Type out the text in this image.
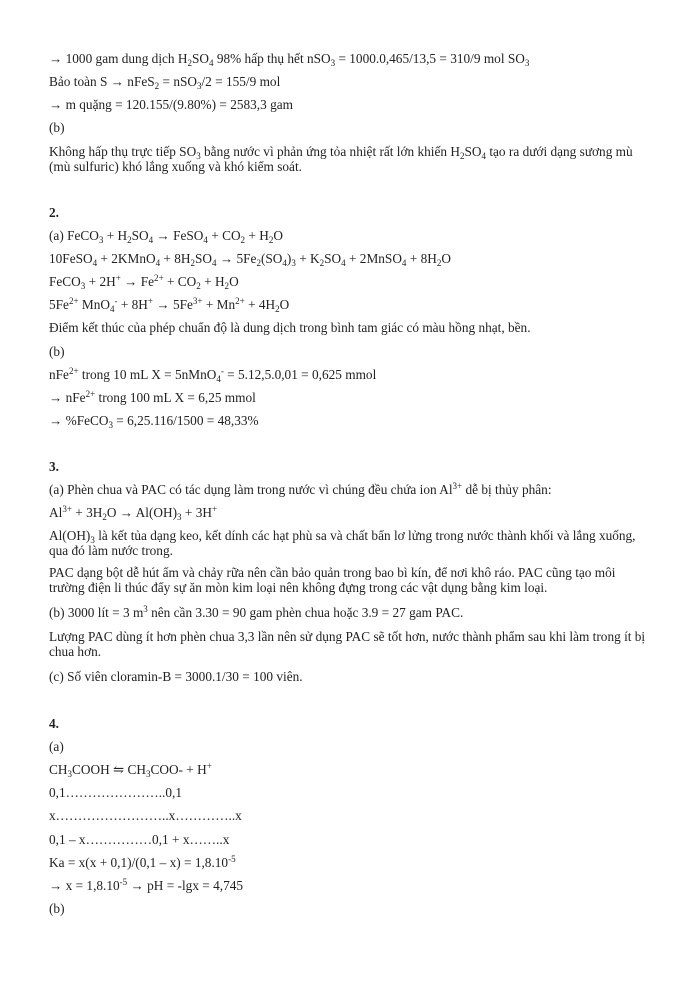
→ 1000 gam dung dịch $H_2SO_4$ 98% hấp thụ hết nSO$_3$ = 1000.0,465/13,5 = 310/9 mol $SO_3$
Bảo toàn S → nFeS$_2$ = nSO$_3$/2 = 155/9 mol
→ m quặng = 120.155/(9.80%) = 2583,3 gam
(b)
Không hấp thụ trực tiếp $SO_3$ bằng nước vì phản ứng tỏa nhiệt rất lớn khiến $H_2SO_4$ tạo ra dưới dạng sương mù (mù sulfuric) khó lắng xuống và khó kiểm soát.
2.
(a) FeCO$_3$ + $H_2SO_4$ → FeSO$_4$ + $CO_2 + H_2O$
10FeSO$_4$ + 2KMnO$_4$ + $8H_2SO_4 \to 5Fe_2(SO_4)_3 + K_2SO_4$ + 2MnSO$_4$ + $8H_2O$
FeCO$_3$ + $2H^+ \to Fe^{2+} + CO_2 + H_2O$
$5Fe^{2+}$ $MnO_4^- + 8H^+ \to 5Fe^{3+} + Mn^{2+} + 4H_2O$
Điểm kết thúc của phép chuẩn độ là dung dịch trong bình tam giác có màu hồng nhạt, bền.
(b)
nFe$^{2+}$ trong 10 mL X = 5nMnO$_4$- = 5.12,5.0,01 = 0,625 mmol
→ nFe$^{2+}$ trong 100 mL X = 6,25 mmol
→ %FeCO$_3$ = 6,25.116/1500 = 48,33%
3.
(a) Phèn chua và PAC có tác dụng làm trong nước vì chúng đều chứa ion $Al^{3+}$ dễ bị thủy phân:
$Al^{3+} + 3H_2O \to Al(OH)_3 + 3H^+$
$Al(OH)_3$ là kết tủa dạng keo, kết dính các hạt phù sa và chất bẩn lơ lửng trong nước thành khối và lắng xuống, qua đó làm nước trong.
PAC dạng bột dễ hút ẩm và chảy rữa nên cần bảo quản trong bao bì kín, để nơi khô ráo. PAC cũng tạo môi trường điện li thúc đẩy sự ăn mòn kim loại nên không đựng trong các vật dụng bằng kim loại.
(b) 3000 lít = 3 $m^3$ nên cần 3.30 = 90 gam phèn chua hoặc 3.9 = 27 gam PAC.
Lượng PAC dùng ít hơn phèn chua 3,3 lần nên sử dụng PAC sẽ tốt hơn, nước thành phẩm sau khi làm trong ít bị chua hơn.
(c) Số viên cloramin-B = 3000.1/30 = 100 viên.
4.
(a)
$CH_3COOH$ ⇋ $CH_3COO- + H^+$
0,1…………………..0,1
x……………………..x…………..x
0,1 – x……………0,1 + x……..x
$Ka = x(x + 0,1)/(0,1 - x) = 1,8.10^{-5}$
→ $x = 1,8.10^{-5}$ → pH = -lgx = 4,745
(b)
